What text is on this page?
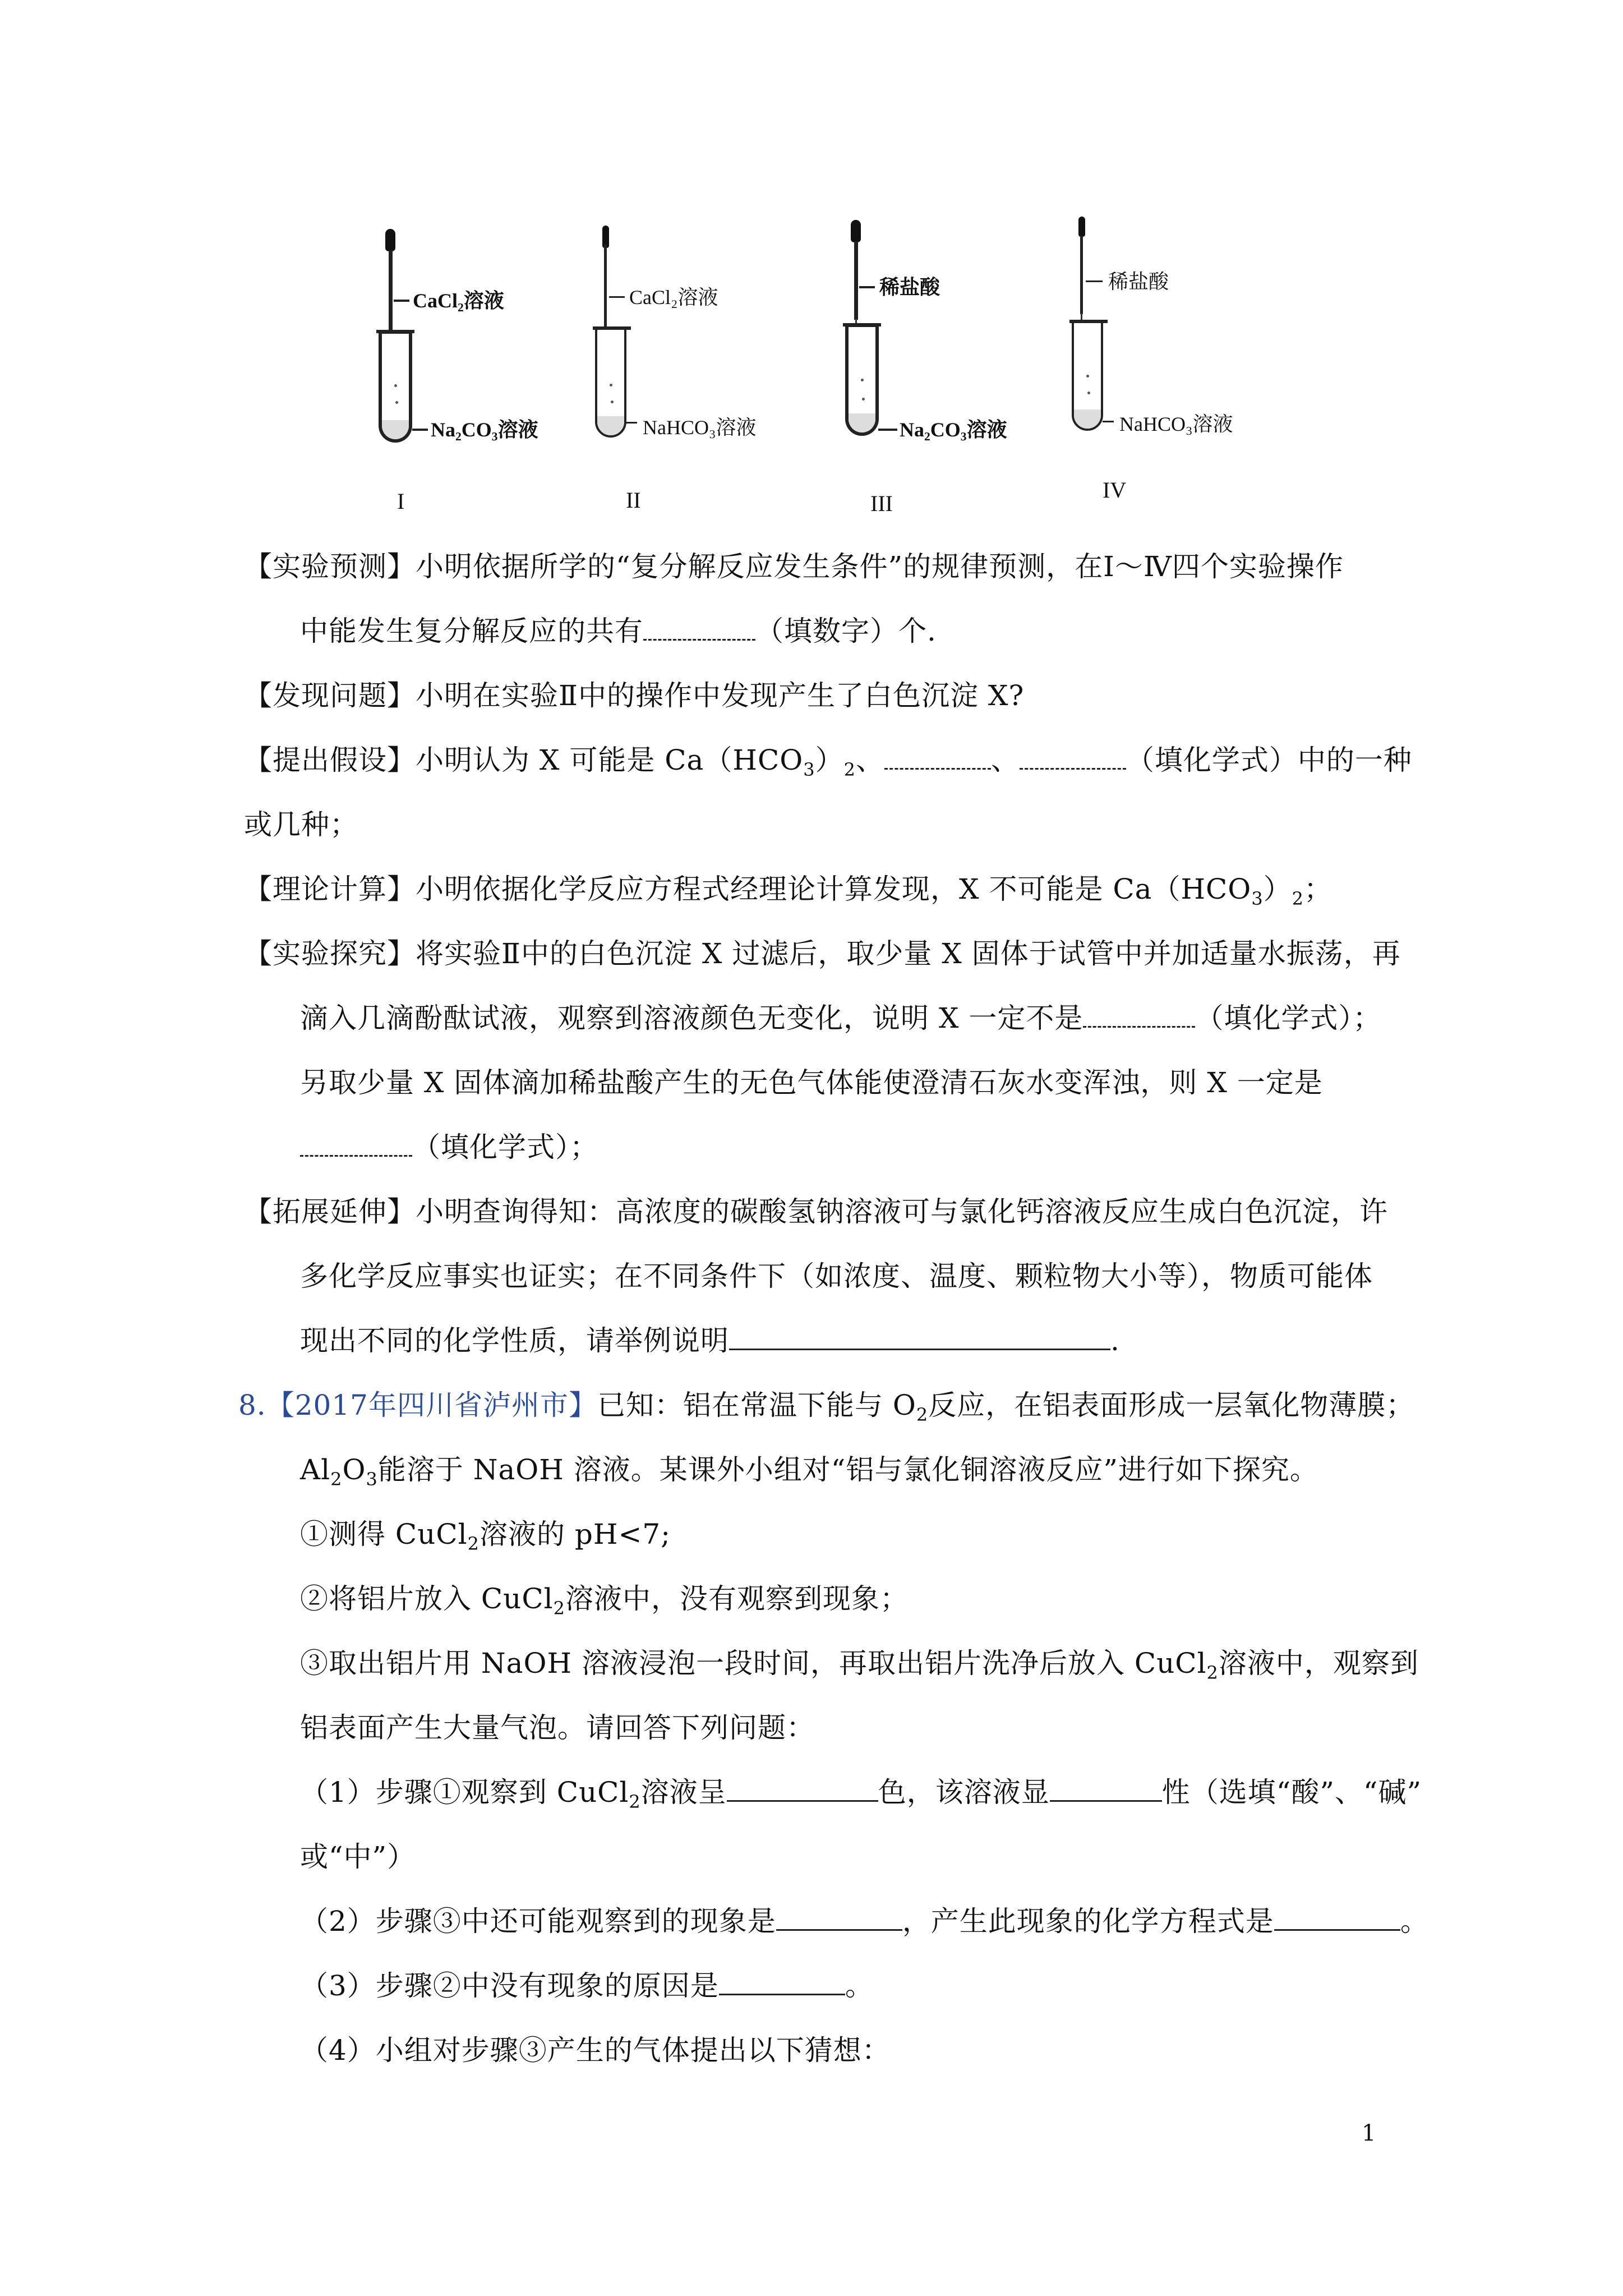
CaCl₂溶液
Na₂CO₃溶液
I
CaCl₂溶液
NaHCO₃溶液
II
稀盐酸
Na₂CO₃溶液
III
稀盐酸
NaHCO₃溶液
IV
【实验预测】小明依据所学的“复分解反应发生条件”的规律预测，在Ⅰ～Ⅳ四个实验操作
中能发生复分解反应的共有	（填数字）个.
【发现问题】小明在实验Ⅱ中的操作中发现产生了白色沉淀 X?
【提出假设】小明认为 X 可能是 $Ca(HCO_3)_2$、	、	（填化学式）中的一种
或几种；
【理论计算】小明依据化学反应方程式经理论计算发现，X 不可能是 $Ca(HCO_3)_2$；
【实验探究】将实验Ⅱ中的白色沉淀 X 过滤后，取少量 X 固体于试管中并加适量水振荡，再
滴入几滴酚酞试液，观察到溶液颜色无变化，说明 X 一定不是	（填化学式）；
另取少量 X 固体滴加稀盐酸产生的无色气体能使澄清石灰水变浑浊，则 X 一定是
（填化学式）；
【拓展延伸】小明查询得知：高浓度的碳酸氢钠溶液可与氯化钙溶液反应生成白色沉淀，许
多化学反应事实也证实；在不同条件下（如浓度、温度、颗粒物大小等），物质可能体
现出不同的化学性质，请举例说明	.
8.【2017年四川省泸州市】已知：铝在常温下能与 $O_2$反应，在铝表面形成一层氧化物薄膜；
$Al_2O_3$能溶于 NaOH 溶液。某课外小组对“铝与氯化铜溶液反应”进行如下探究。
①测得 CuCl$_2$溶液的 pH<7;
②将铝片放入 CuCl$_2$溶液中，没有观察到现象；
③取出铝片用 NaOH 溶液浸泡一段时间，再取出铝片洗净后放入 CuCl$_2$溶液中，观察到
铝表面产生大量气泡。请回答下列问题：
（1）步骤①观察到 CuCl$_2$溶液呈	色，该溶液显	性（选填“酸”、“碱”
或“中”）
（2）步骤③中还可能观察到的现象是	，产生此现象的化学方程式是	。
（3）步骤②中没有现象的原因是	。
（4）小组对步骤③产生的气体提出以下猜想：
1
